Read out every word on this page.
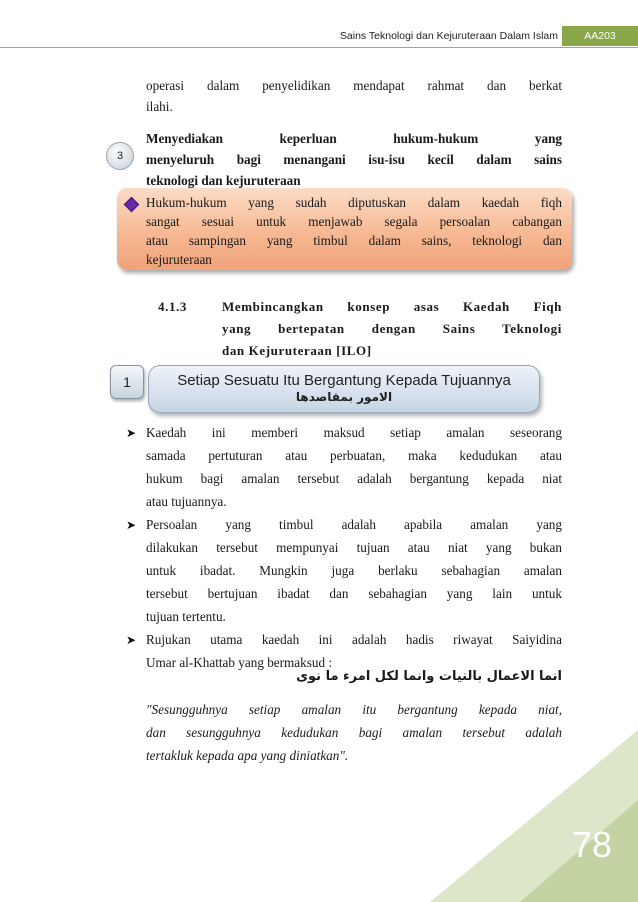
Sains Teknologi dan Kejuruteraan Dalam Islam	AA203
operasi dalam penyelidikan mendapat rahmat dan berkat
ilahi.
3
Menyediakan keperluan hukum-hukum yang
menyeluruh bagi menangani isu-isu kecil dalam sains
teknologi dan kejuruteraan
Hukum-hukum yang sudah diputuskan dalam kaedah fiqh
sangat sesuai untuk menjawab segala persoalan cabangan
atau sampingan yang timbul dalam sains, teknologi dan
kejuruteraan
4.1.3	Membincangkan konsep asas Kaedah Fiqh
yang bertepatan dengan Sains Teknologi
dan Kejuruteraan [ILO]
1	Setiap Sesuatu Itu Bergantung Kepada Tujuannya
الامور بمقاصدها
➤ Kaedah ini memberi maksud setiap amalan seseorang
samada pertuturan atau perbuatan, maka kedudukan atau
hukum bagi amalan tersebut adalah bergantung kepada niat
atau tujuannya.
➤ Persoalan yang timbul adalah apabila amalan yang
dilakukan tersebut mempunyai tujuan atau niat yang bukan
untuk ibadat. Mungkin juga berlaku sebahagian amalan
tersebut bertujuan ibadat dan sebahagian yang lain untuk
tujuan tertentu.
➤ Rujukan utama kaedah ini adalah hadis riwayat Saiyidina
Umar al-Khattab yang bermaksud :
انما الاعمال بالنيات وانما لكل امرء ما نوى
"Sesungguhnya setiap amalan itu bergantung kepada niat,
dan sesungguhnya kedudukan bagi amalan tersebut adalah
tertakluk kepada apa yang diniatkan".
78
